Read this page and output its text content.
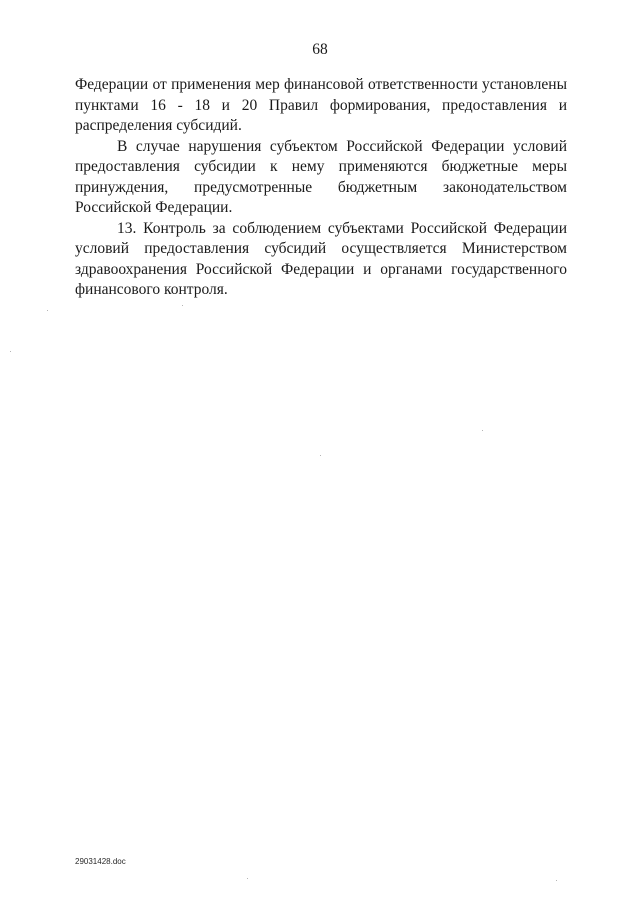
68

Федерации от применения мер финансовой ответственности установлены пунктами 16 - 18 и 20 Правил формирования, предоставления и распределения субсидий.

В случае нарушения субъектом Российской Федерации условий предоставления субсидии к нему применяются бюджетные меры принуждения, предусмотренные бюджетным законодательством Российской Федерации.

13. Контроль за соблюдением субъектами Российской Федерации условий предоставления субсидий осуществляется Министерством здравоохранения Российской Федерации и органами государственного финансового контроля.

29031428.doc
